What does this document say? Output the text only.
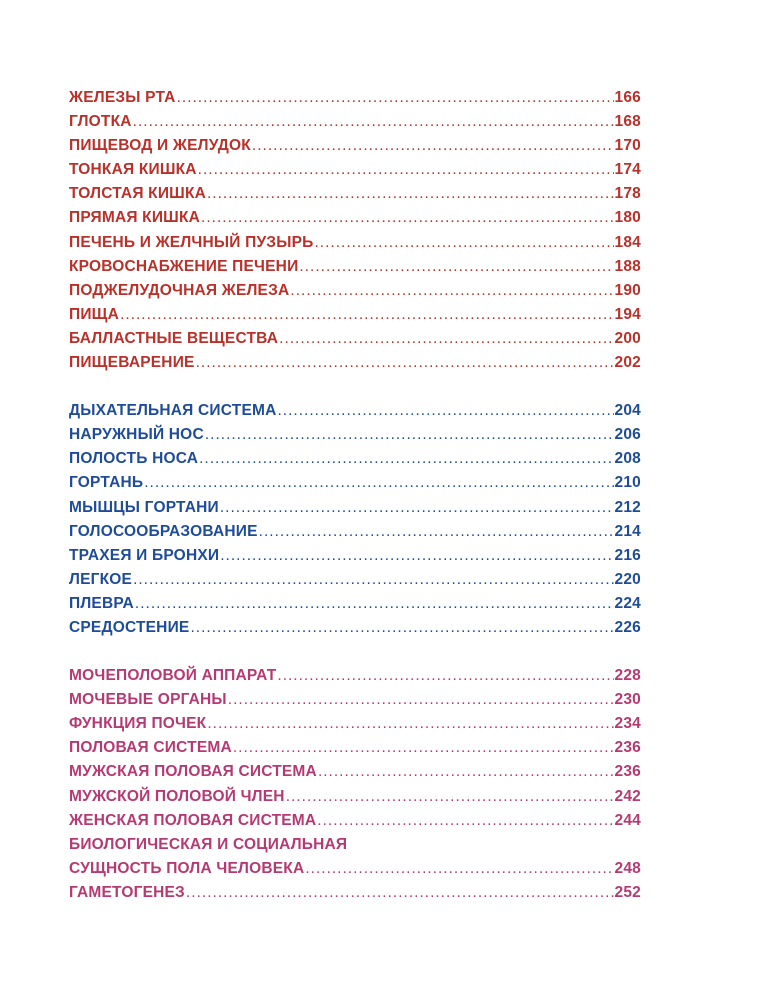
ЖЕЛЕЗЫ РТА .....	166
ГЛОТКА .....	168
ПИЩЕВОД И ЖЕЛУДОК .....	170
ТОНКАЯ КИШКА .....	174
ТОЛСТАЯ КИШКА .....	178
ПРЯМАЯ КИШКА .....	180
ПЕЧЕНЬ И ЖЕЛЧНЫЙ ПУЗЫРЬ .....	184
КРОВОСНАБЖЕНИЕ ПЕЧЕНИ .....	188
ПОДЖЕЛУДОЧНАЯ ЖЕЛЕЗА .....	190
ПИЩА .....	194
БАЛЛАСТНЫЕ ВЕЩЕСТВА .....	200
ПИЩЕВАРЕНИЕ .....	202
ДЫХАТЕЛЬНАЯ СИСТЕМА .....	204
НАРУЖНЫЙ НОС .....	206
ПОЛОСТЬ НОСА .....	208
ГОРТАНЬ .....	210
МЫШЦЫ ГОРТАНИ .....	212
ГОЛОСООБРАЗОВАНИЕ .....	214
ТРАХЕЯ И БРОНХИ .....	216
ЛЕГКОЕ .....	220
ПЛЕВРА .....	224
СРЕДОСТЕНИЕ .....	226
МОЧЕПОЛОВОЙ АППАРАТ .....	228
МОЧЕВЫЕ ОРГАНЫ .....	230
ФУНКЦИЯ ПОЧЕК .....	234
ПОЛОВАЯ СИСТЕМА .....	236
МУЖСКАЯ ПОЛОВАЯ СИСТЕМА .....	236
МУЖСКОЙ ПОЛОВОЙ ЧЛЕН .....	242
ЖЕНСКАЯ ПОЛОВАЯ СИСТЕМА .....	244
БИОЛОГИЧЕСКАЯ И СОЦИАЛЬНАЯ
СУЩНОСТЬ ПОЛА ЧЕЛОВЕКА .....	248
ГАМЕТОГЕНЕЗ .....	252
